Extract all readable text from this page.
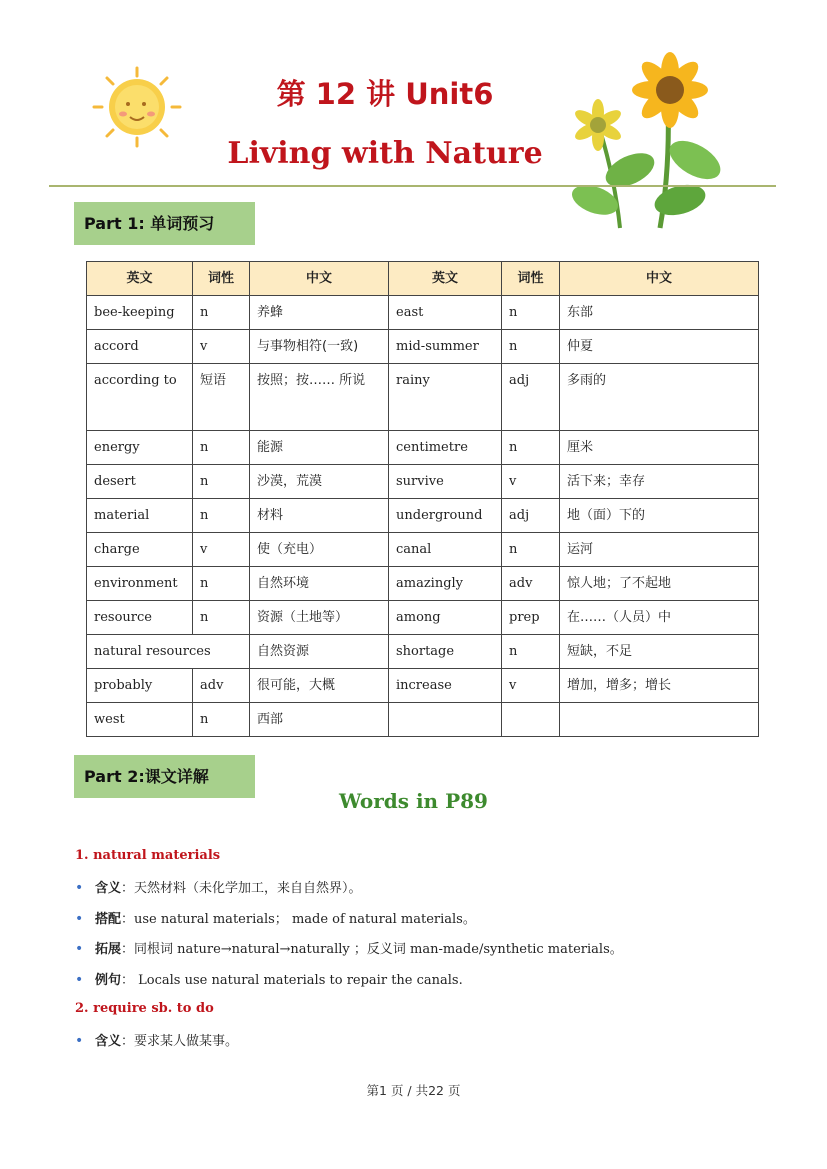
第 12 讲 Unit6
Living with Nature
Part 1: 单词预习
英文	词性	中文	英文	词性	中文
bee-keeping	n	养蜂	east	n	东部
accord	v	与事物相符(一致)	mid-summer	n	仲夏
according to	短语	按照；按…… 所说	rainy	adj	多雨的
energy	n	能源	centimetre	n	厘米
desert	n	沙漠，荒漠	survive	v	活下来；幸存
material	n	材料	underground	adj	地（面）下的
charge	v	使（充电）	canal	n	运河
environment	n	自然环境	amazingly	adv	惊人地；了不起地
resource	n	资源（土地等）	among	prep	在……（人员）中
natural resources		自然资源	shortage	n	短缺，不足
probably	adv	很可能，大概	increase	v	增加，增多；增长
west	n	西部			
Part 2:课文详解
Words in P89
1. natural materials
• 含义：天然材料（未化学加工，来自自然界）。
• 搭配：use natural materials； made of natural materials。
• 拓展：同根词 nature→natural→naturally ；反义词 man-made/synthetic materials。
• 例句： Locals use natural materials to repair the canals.
2. require sb. to do
• 含义：要求某人做某事。
第1 页 / 共22 页
